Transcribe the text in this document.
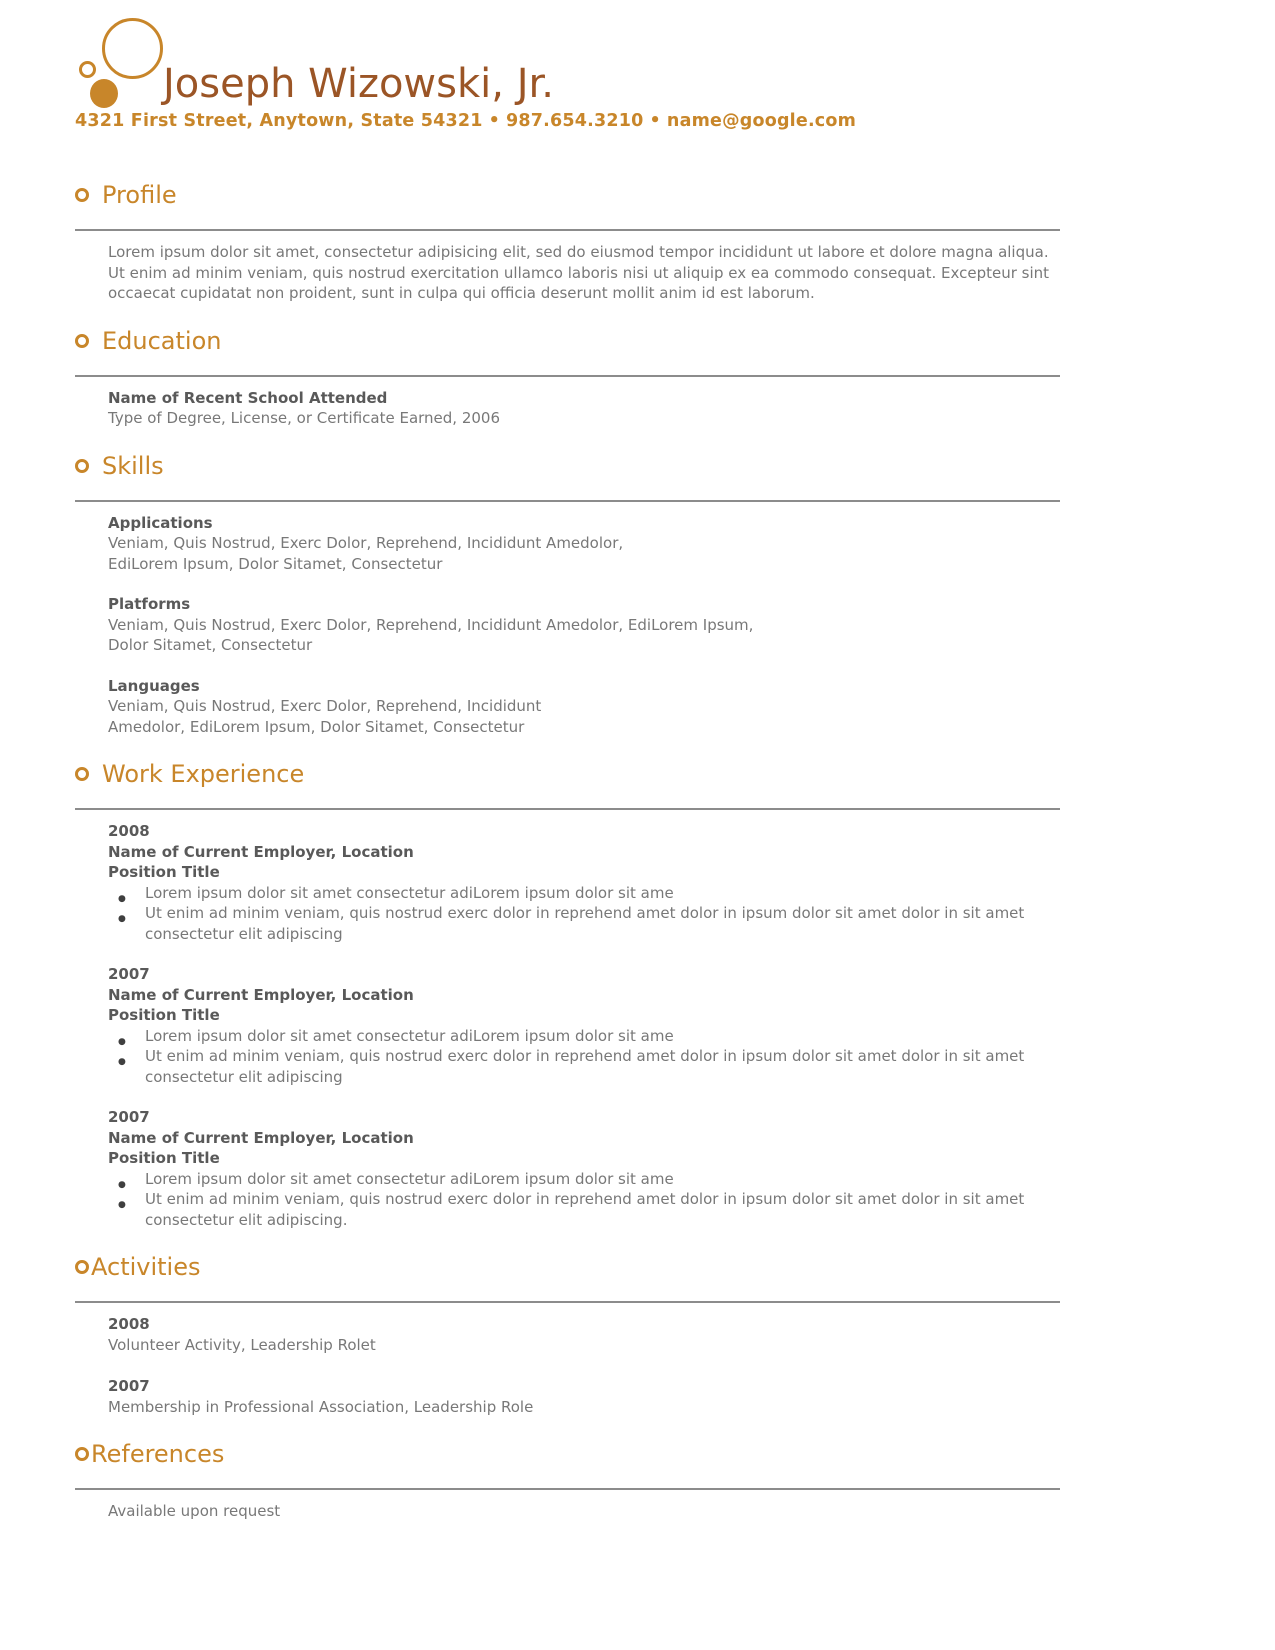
Joseph Wizowski, Jr.
4321 First Street, Anytown, State 54321 • 987.654.3210 • name@google.com
Profile

Lorem ipsum dolor sit amet, consectetur adipisicing elit, sed do eiusmod tempor incididunt ut labore et dolore magna aliqua. Ut enim ad minim veniam, quis nostrud exercitation ullamco laboris nisi ut aliquip ex ea commodo consequat. Excepteur sint occaecat cupidatat non proident, sunt in culpa qui officia deserunt mollit anim id est laborum.

Education
Name of Recent School Attended
Type of Degree, License, or Certificate Earned, 2006
Skills
Applications
Veniam, Quis Nostrud, Exerc Dolor, Reprehend, Incididunt Amedolor,
EdiLorem Ipsum, Dolor Sitamet, Consectetur
Platforms
Veniam, Quis Nostrud, Exerc Dolor, Reprehend, Incididunt Amedolor, EdiLorem Ipsum,
Dolor Sitamet, Consectetur
Languages
Veniam, Quis Nostrud, Exerc Dolor, Reprehend, Incididunt
Amedolor, EdiLorem Ipsum, Dolor Sitamet, Consectetur
Work Experience
2008
Name of Current Employer, Location
Position Title
● Lorem ipsum dolor sit amet consectetur adiLorem ipsum dolor sit ame
● Ut enim ad minim veniam, quis nostrud exerc dolor in reprehend amet dolor in ipsum dolor sit amet dolor in sit amet consectetur elit adipiscing
2007
Name of Current Employer, Location
Position Title
● Lorem ipsum dolor sit amet consectetur adiLorem ipsum dolor sit ame
● Ut enim ad minim veniam, quis nostrud exerc dolor in reprehend amet dolor in ipsum dolor sit amet dolor in sit amet consectetur elit adipiscing
2007
Name of Current Employer, Location
Position Title
● Lorem ipsum dolor sit amet consectetur adiLorem ipsum dolor sit ame
● Ut enim ad minim veniam, quis nostrud exerc dolor in reprehend amet dolor in ipsum dolor sit amet dolor in sit amet consectetur elit adipiscing.
Activities
2008
Volunteer Activity, Leadership Rolet
2007
Membership in Professional Association, Leadership Role
References
Available upon request
